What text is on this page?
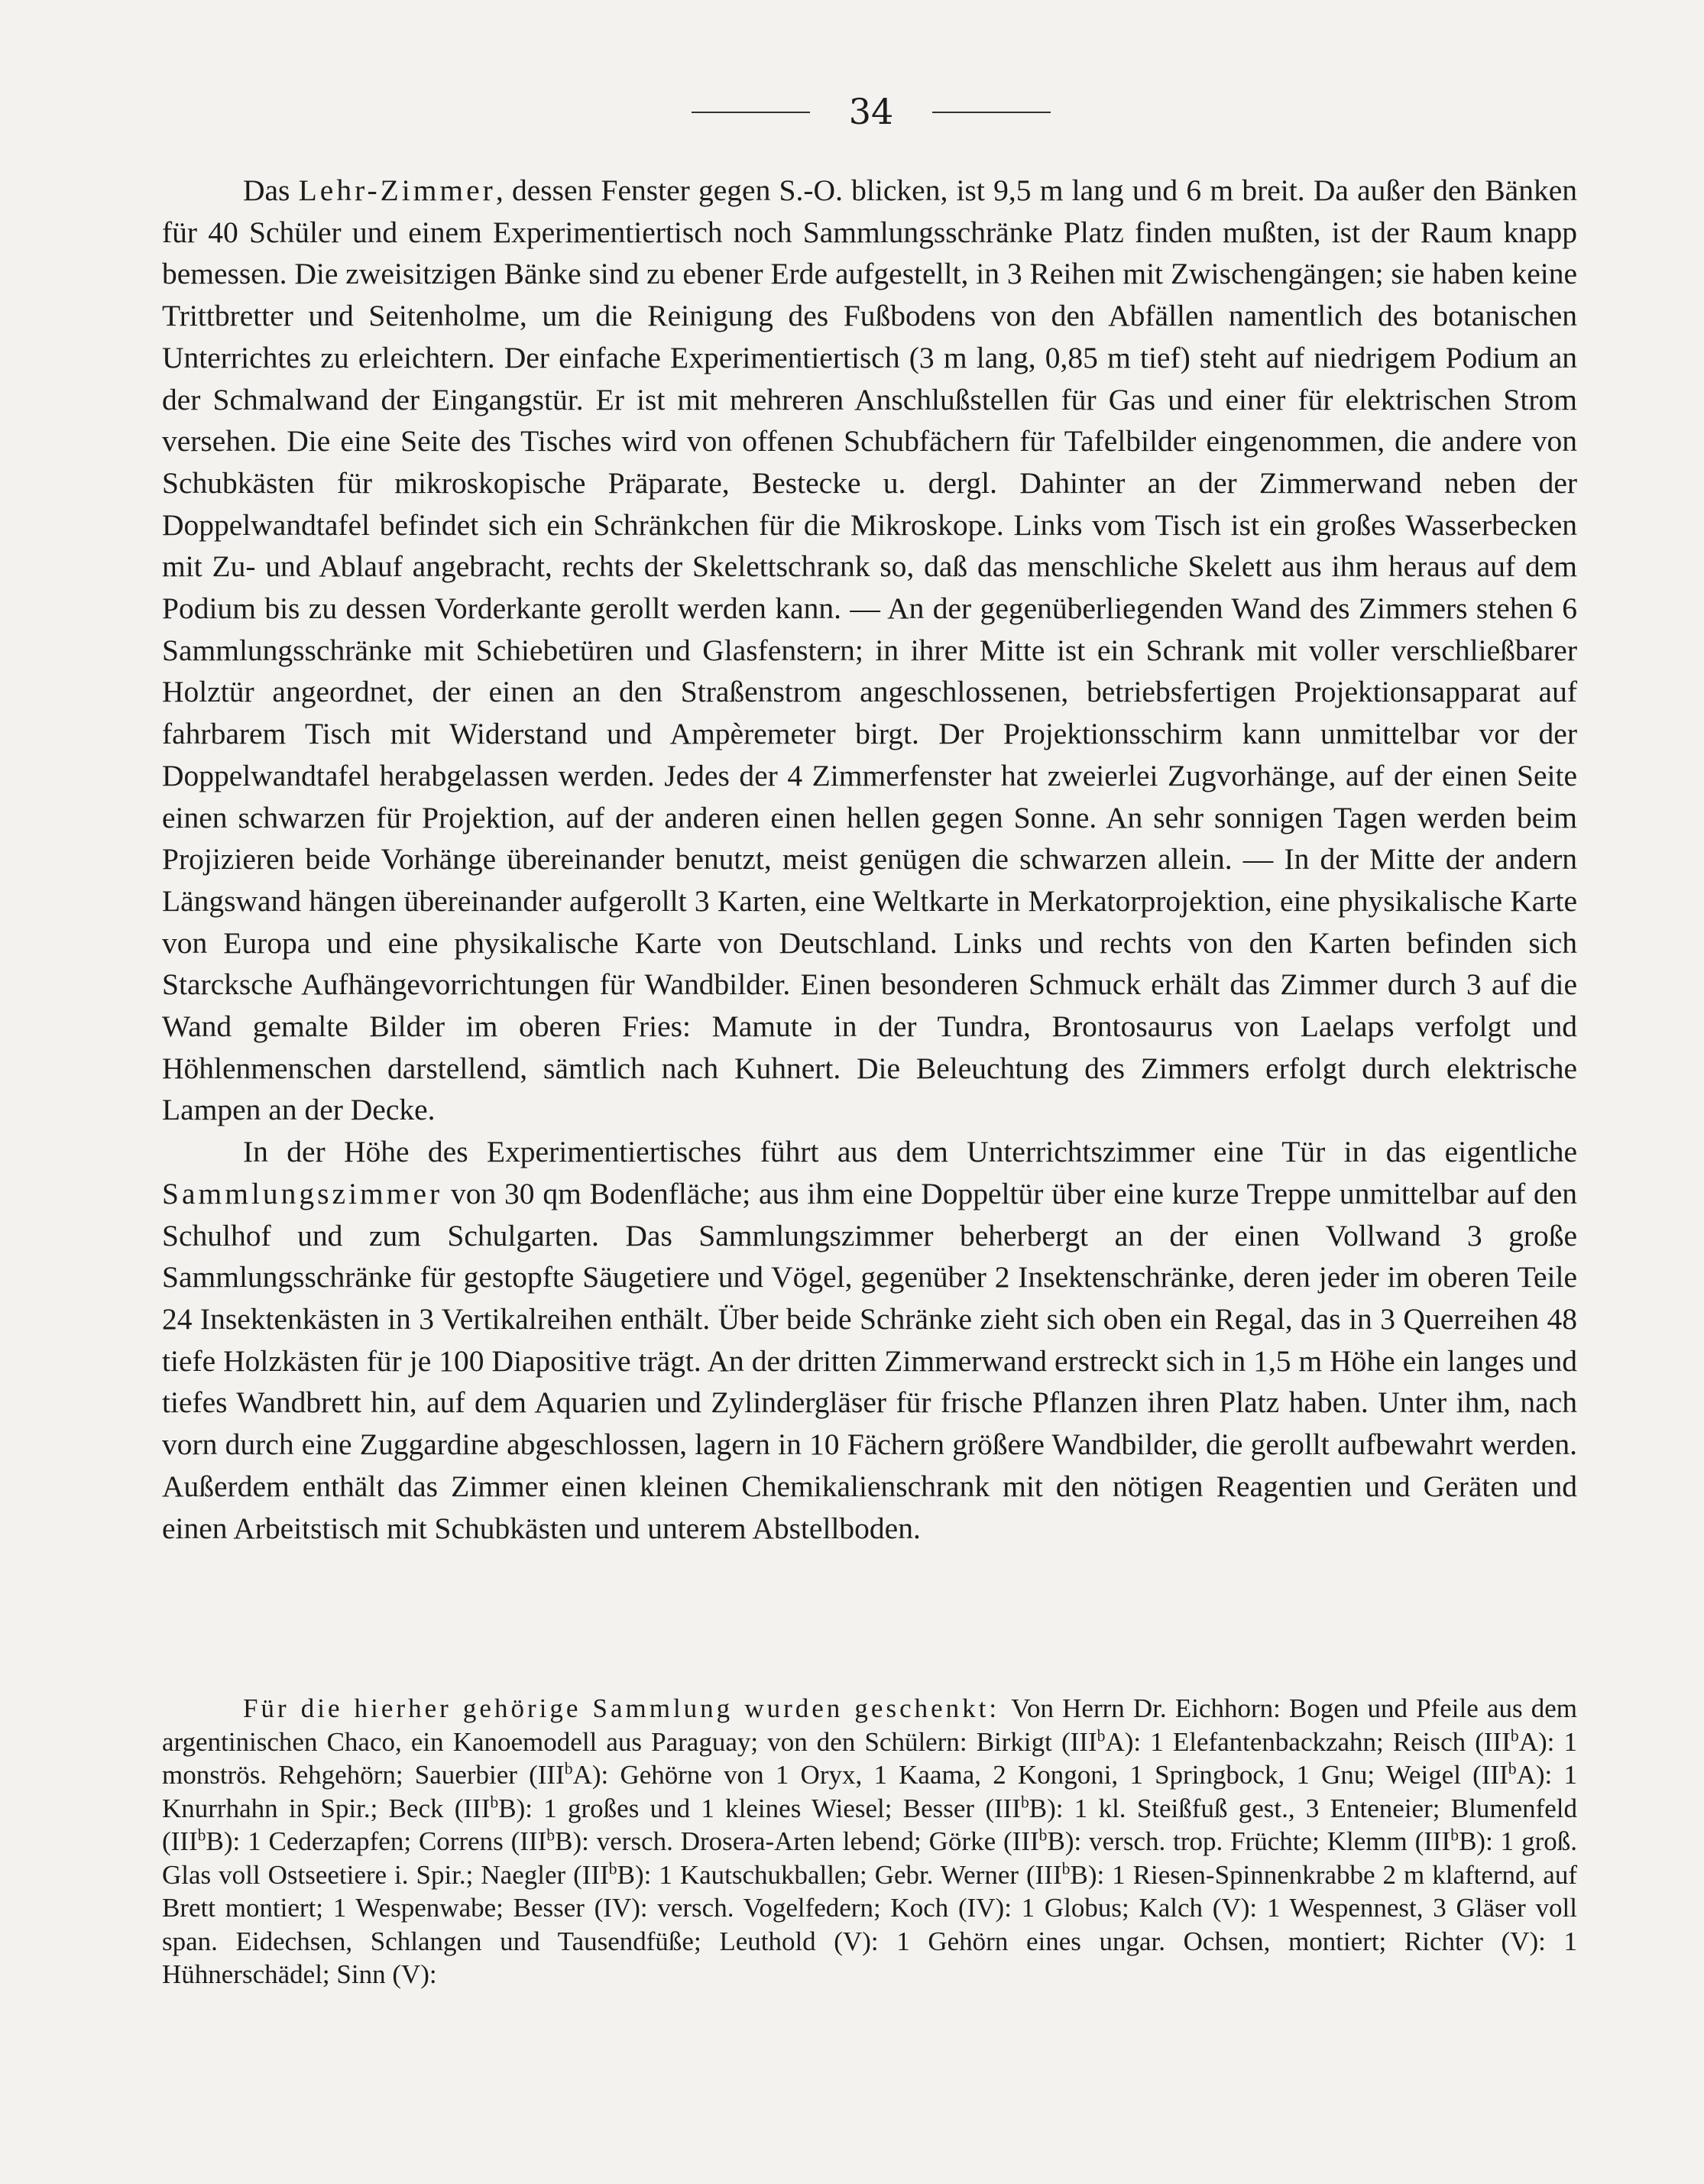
34

Das Lehr-Zimmer, dessen Fenster gegen S.-O. blicken, ist 9,5 m lang und 6 m breit. Da außer den Bänken für 40 Schüler und einem Experimentiertisch noch Sammlungsschränke Platz finden mußten, ist der Raum knapp bemessen. Die zweisitzigen Bänke sind zu ebener Erde aufgestellt, in 3 Reihen mit Zwischengängen; sie haben keine Trittbretter und Seitenholme, um die Reinigung des Fußbodens von den Abfällen namentlich des botanischen Unterrichtes zu erleichtern. Der einfache Experimentiertisch (3 m lang, 0,85 m tief) steht auf niedrigem Podium an der Schmalwand der Eingangstür. Er ist mit mehreren Anschlußstellen für Gas und einer für elektrischen Strom versehen. Die eine Seite des Tisches wird von offenen Schubfächern für Tafelbilder eingenommen, die andere von Schubkästen für mikroskopische Präparate, Bestecke u. dergl. Dahinter an der Zimmerwand neben der Doppelwandtafel befindet sich ein Schränkchen für die Mikroskope. Links vom Tisch ist ein großes Wasserbecken mit Zu- und Ablauf angebracht, rechts der Skelettschrank so, daß das menschliche Skelett aus ihm heraus auf dem Podium bis zu dessen Vorderkante gerollt werden kann. — An der gegenüberliegenden Wand des Zimmers stehen 6 Sammlungsschränke mit Schiebetüren und Glasfenstern; in ihrer Mitte ist ein Schrank mit voller verschließbarer Holztür angeordnet, der einen an den Straßenstrom angeschlossenen, betriebsfertigen Projektionsapparat auf fahrbarem Tisch mit Widerstand und Ampèremeter birgt. Der Projektionsschirm kann unmittelbar vor der Doppelwandtafel herabgelassen werden. Jedes der 4 Zimmerfenster hat zweierlei Zugvorhänge, auf der einen Seite einen schwarzen für Projektion, auf der anderen einen hellen gegen Sonne. An sehr sonnigen Tagen werden beim Projizieren beide Vorhänge übereinander benutzt, meist genügen die schwarzen allein. — In der Mitte der andern Längswand hängen übereinander aufgerollt 3 Karten, eine Weltkarte in Merkatorprojektion, eine physikalische Karte von Europa und eine physikalische Karte von Deutschland. Links und rechts von den Karten befinden sich Starcksche Aufhängevorrichtungen für Wandbilder. Einen besonderen Schmuck erhält das Zimmer durch 3 auf die Wand gemalte Bilder im oberen Fries: Mamute in der Tundra, Brontosaurus von Laelaps verfolgt und Höhlenmenschen darstellend, sämtlich nach Kuhnert. Die Beleuchtung des Zimmers erfolgt durch elektrische Lampen an der Decke.

In der Höhe des Experimentiertisches führt aus dem Unterrichtszimmer eine Tür in das eigentliche Sammlungszimmer von 30 qm Bodenfläche; aus ihm eine Doppeltür über eine kurze Treppe unmittelbar auf den Schulhof und zum Schulgarten. Das Sammlungszimmer beherbergt an der einen Vollwand 3 große Sammlungsschränke für gestopfte Säugetiere und Vögel, gegenüber 2 Insektenschränke, deren jeder im oberen Teile 24 Insektenkästen in 3 Vertikalreihen enthält. Über beide Schränke zieht sich oben ein Regal, das in 3 Querreihen 48 tiefe Holzkästen für je 100 Diapositive trägt. An der dritten Zimmerwand erstreckt sich in 1,5 m Höhe ein langes und tiefes Wandbrett hin, auf dem Aquarien und Zylindergläser für frische Pflanzen ihren Platz haben. Unter ihm, nach vorn durch eine Zuggardine abgeschlossen, lagern in 10 Fächern größere Wandbilder, die gerollt aufbewahrt werden. Außerdem enthält das Zimmer einen kleinen Chemikalienschrank mit den nötigen Reagentien und Geräten und einen Arbeitstisch mit Schubkästen und unterem Abstellboden.

Für die hierher gehörige Sammlung wurden geschenkt: Von Herrn Dr. Eichhorn: Bogen und Pfeile aus dem argentinischen Chaco, ein Kanoemodell aus Paraguay; von den Schülern: Birkigt (III$^b$A): 1 Elefantenbackzahn; Reisch (III$^b$A): 1 monströs. Rehgehörn; Sauerbier (III$^b$A): Gehörne von 1 Oryx, 1 Kaama, 2 Kongoni, 1 Springbock, 1 Gnu; Weigel (III$^b$A): 1 Knurrhahn in Spir.; Beck (III$^b$B): 1 großes und 1 kleines Wiesel; Besser (III$^b$B): 1 kl. Steißfuß gest., 3 Enteneier; Blumenfeld (III$^b$B): 1 Cederzapfen; Correns (III$^b$B): versch. Drosera-Arten lebend; Görke (III$^b$B): versch. trop. Früchte; Klemm (III$^b$B): 1 groß. Glas voll Ostseetiere i. Spir.; Naegler (III$^b$B): 1 Kautschukballen; Gebr. Werner (III$^b$B): 1 Riesen-Spinnenkrabbe 2 m klafternd, auf Brett montiert; 1 Wespenwabe; Besser (IV): versch. Vogelfedern; Koch (IV): 1 Globus; Kalch (V): 1 Wespennest, 3 Gläser voll span. Eidechsen, Schlangen und Tausendfüße; Leuthold (V): 1 Gehörn eines ungar. Ochsen, montiert; Richter (V): 1 Hühnerschädel; Sinn (V):
